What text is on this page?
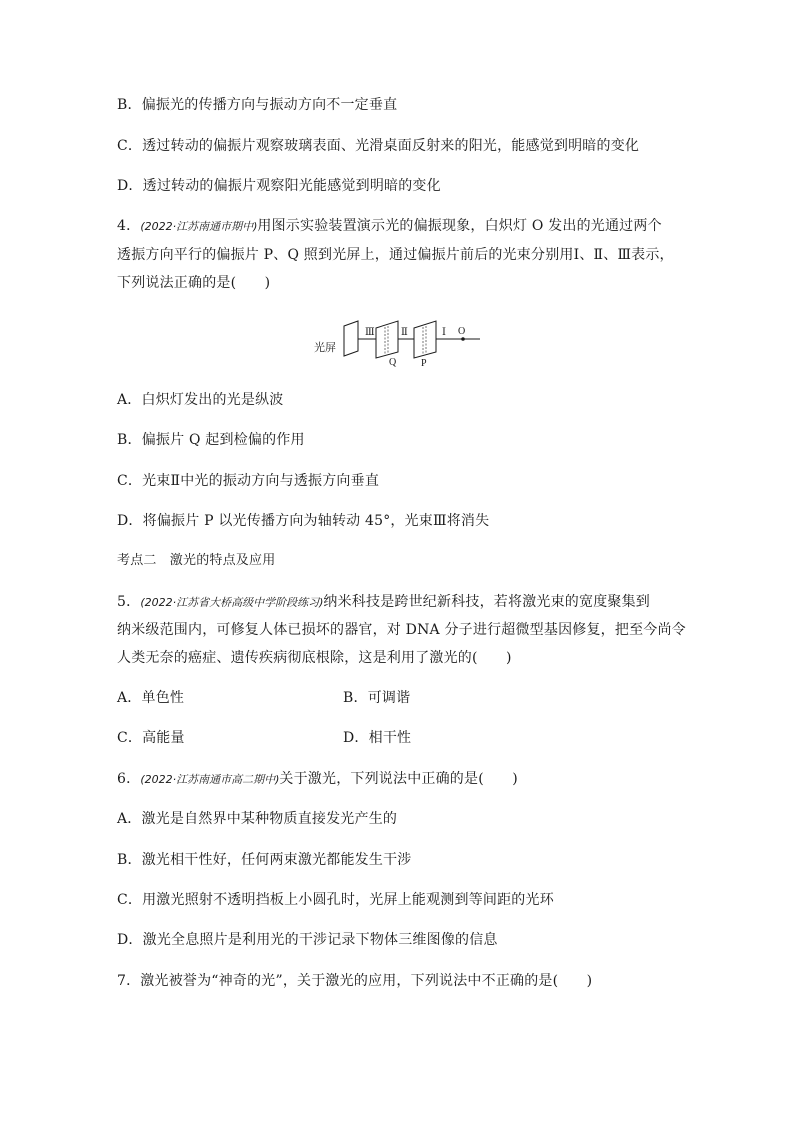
B．偏振光的传播方向与振动方向不一定垂直
C．透过转动的偏振片观察玻璃表面、光滑桌面反射来的阳光，能感觉到明暗的变化
D．透过转动的偏振片观察阳光能感觉到明暗的变化
4．(2022·江苏南通市期中)用图示实验装置演示光的偏振现象，白炽灯 O 发出的光通过两个
透振方向平行的偏振片 P、Q 照到光屏上，通过偏振片前后的光束分别用Ⅰ、Ⅱ、Ⅲ表示，
下列说法正确的是(　　)
光屏
Q P
Ⅲ	Ⅱ	Ⅰ O
A．白炽灯发出的光是纵波
B．偏振片 Q 起到检偏的作用
C．光束Ⅱ中光的振动方向与透振方向垂直
D．将偏振片 P 以光传播方向为轴转动 45°，光束Ⅲ将消失
考点二　激光的特点及应用
5．(2022·江苏省大桥高级中学阶段练习)纳米科技是跨世纪新科技，若将激光束的宽度聚集到
纳米级范围内，可修复人体已损坏的器官，对 DNA 分子进行超微型基因修复，把至今尚令
人类无奈的癌症、遗传疾病彻底根除，这是利用了激光的(　　)
A．单色性	B．可调谐
C．高能量	D．相干性
6．(2022·江苏南通市高二期中)关于激光，下列说法中正确的是(　　)
A．激光是自然界中某种物质直接发光产生的
B．激光相干性好，任何两束激光都能发生干涉
C．用激光照射不透明挡板上小圆孔时，光屏上能观测到等间距的光环
D．激光全息照片是利用光的干涉记录下物体三维图像的信息
7．激光被誉为“神奇的光”，关于激光的应用，下列说法中不正确的是(　　)
